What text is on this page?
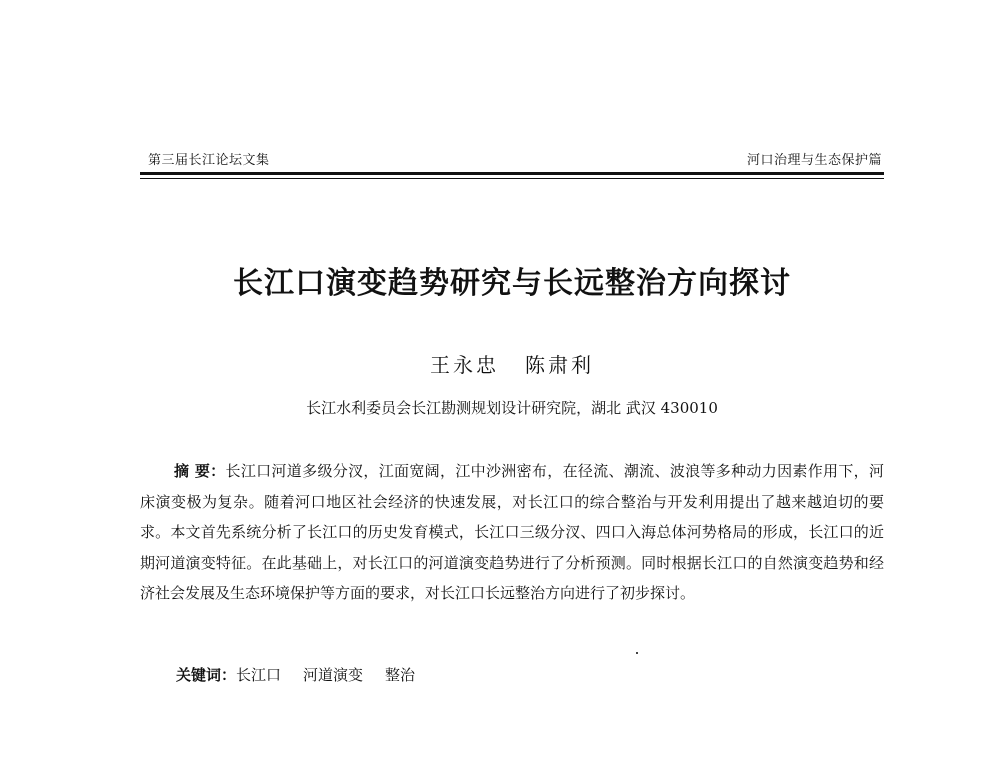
第三届长江论坛文集	河口治理与生态保护篇
长江口演变趋势研究与长远整治方向探讨
王永忠 陈肃利
长江水利委员会长江勘测规划设计研究院，湖北 武汉 430010

摘 要：长江口河道多级分汊，江面宽阔，江中沙洲密布，在径流、潮流、波浪等多种动力因素作用下，河床演变极为复杂。随着河口地区社会经济的快速发展，对长江口的综合整治与开发利用提出了越来越迫切的要求。本文首先系统分析了长江口的历史发育模式，长江口三级分汊、四口入海总体河势格局的形成，长江口的近期河道演变特征。在此基础上，对长江口的河道演变趋势进行了分析预测。同时根据长江口的自然演变趋势和经济社会发展及生态环境保护等方面的要求，对长江口长远整治方向进行了初步探讨。

关键词：长江口 河道演变 整治
